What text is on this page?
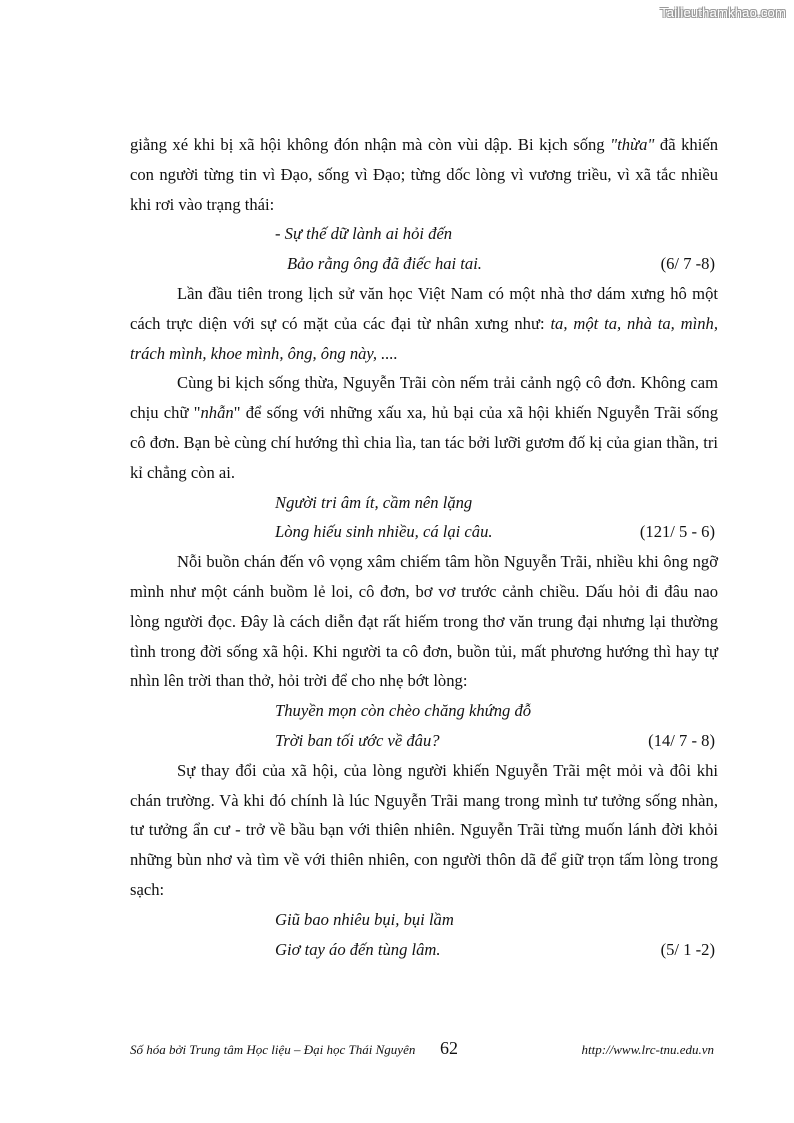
Tailieuthamkhao.com

giằng xé khi bị xã hội không đón nhận mà còn vùi dập. Bi kịch sống "thừa" đã khiến con người từng tin vì Đạo, sống vì Đạo; từng dốc lòng vì vương triều, vì xã tắc nhiều khi rơi vào trạng thái:

- Sự thế dữ lành ai hỏi đến
Bảo rằng ông đã điếc hai tai.	(6/ 7 -8)

Lần đầu tiên trong lịch sử văn học Việt Nam có một nhà thơ dám xưng hô một cách trực diện với sự có mặt của các đại từ nhân xưng như: ta, một ta, nhà ta, mình, trách mình, khoe mình, ông, ông này, ....

Cùng bi kịch sống thừa, Nguyễn Trãi còn nếm trải cảnh ngộ cô đơn. Không cam chịu chữ "nhẫn" để sống với những xấu xa, hủ bại của xã hội khiến Nguyễn Trãi sống cô đơn. Bạn bè cùng chí hướng thì chia lìa, tan tác bởi lưỡi gươm đố kị của gian thần, tri kỉ chẳng còn ai.

Người tri âm ít, cầm nên lặng
Lòng hiếu sinh nhiều, cá lại câu.	(121/ 5 - 6)

Nỗi buồn chán đến vô vọng xâm chiếm tâm hồn Nguyễn Trãi, nhiều khi ông ngỡ mình như một cánh buồm lẻ loi, cô đơn, bơ vơ trước cảnh chiều. Dấu hỏi đi đâu nao lòng người đọc. Đây là cách diễn đạt rất hiếm trong thơ văn trung đại nhưng lại thường tình trong đời sống xã hội. Khi người ta cô đơn, buồn tủi, mất phương hướng thì hay tự nhìn lên trời than thở, hỏi trời để cho nhẹ bớt lòng:

Thuyền mọn còn chèo chăng khứng đỗ
Trời ban tối ước về đâu?	(14/ 7 - 8)

Sự thay đổi của xã hội, của lòng người khiến Nguyễn Trãi mệt mỏi và đôi khi chán trường. Và khi đó chính là lúc Nguyễn Trãi mang trong mình tư tưởng sống nhàn, tư tưởng ẩn cư - trở về bầu bạn với thiên nhiên. Nguyễn Trãi từng muốn lánh đời khỏi những bùn nhơ và tìm về với thiên nhiên, con người thôn dã để giữ trọn tấm lòng trong sạch:

Giũ bao nhiêu bụi, bụi lầm
Giơ tay áo đến tùng lâm.	(5/ 1 -2)
Số hóa bởi Trung tâm Học liệu – Đại học Thái Nguyên 62	http://www.lrc-tnu.edu.vn
